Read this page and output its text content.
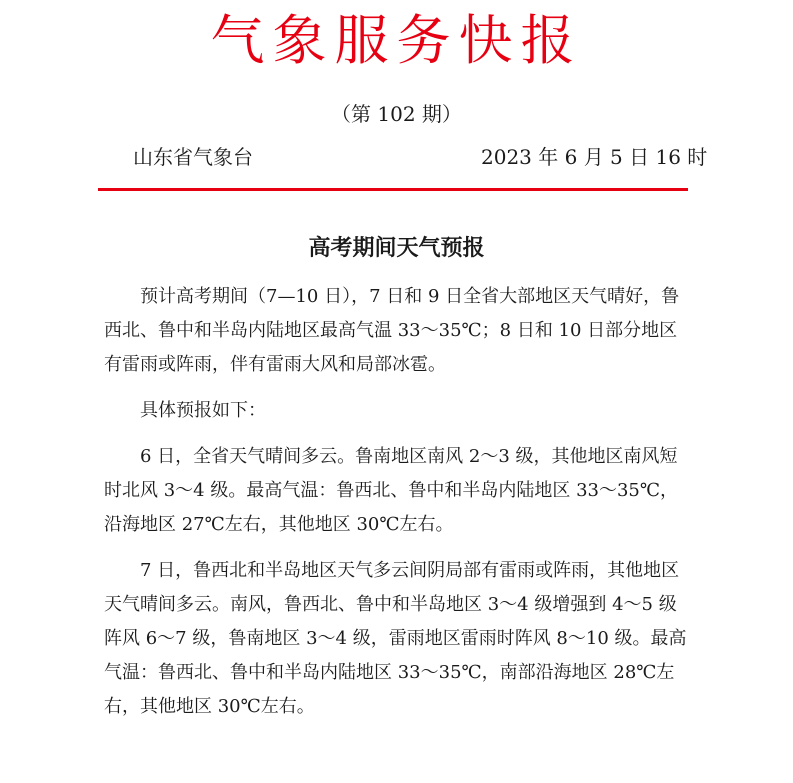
气象服务快报
（第 102 期）
山东省气象台	2023 年 6 月 5 日 16 时
高考期间天气预报

预计高考期间（7—10 日），7 日和 9 日全省大部地区天气晴好，鲁西北、鲁中和半岛内陆地区最高气温 33～35℃；8 日和 10 日部分地区有雷雨或阵雨，伴有雷雨大风和局部冰雹。

具体预报如下：

6 日，全省天气晴间多云。鲁南地区南风 2～3 级，其他地区南风短时北风 3～4 级。最高气温：鲁西北、鲁中和半岛内陆地区 33～35℃，沿海地区 27℃左右，其他地区 30℃左右。

7 日，鲁西北和半岛地区天气多云间阴局部有雷雨或阵雨，其他地区天气晴间多云。南风，鲁西北、鲁中和半岛地区 3～4 级增强到 4～5 级阵风 6～7 级，鲁南地区 3～4 级，雷雨地区雷雨时阵风 8～10 级。最高气温：鲁西北、鲁中和半岛内陆地区 33～35℃，南部沿海地区 28℃左右，其他地区 30℃左右。
